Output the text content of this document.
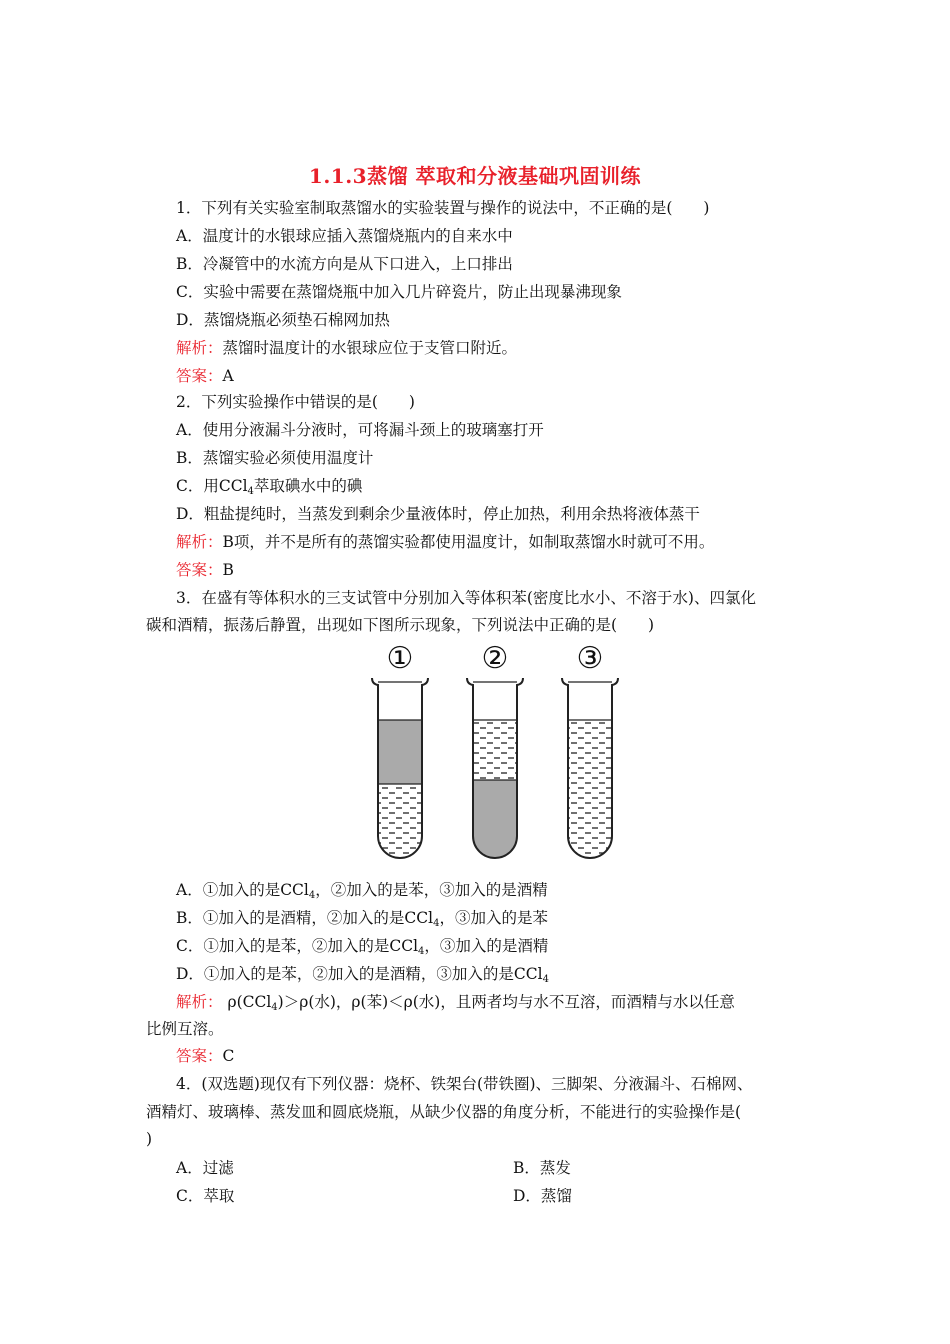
1.1.3蒸馏 萃取和分液基础巩固训练
1．下列有关实验室制取蒸馏水的实验装置与操作的说法中，不正确的是(　　)
A．温度计的水银球应插入蒸馏烧瓶内的自来水中
B．冷凝管中的水流方向是从下口进入，上口排出
C．实验中需要在蒸馏烧瓶中加入几片碎瓷片，防止出现暴沸现象
D．蒸馏烧瓶必须垫石棉网加热
解析：蒸馏时温度计的水银球应位于支管口附近。
答案：A
2．下列实验操作中错误的是(　　)
A．使用分液漏斗分液时，可将漏斗颈上的玻璃塞打开
B．蒸馏实验必须使用温度计
C．用CCl$_4$萃取碘水中的碘
D．粗盐提纯时，当蒸发到剩余少量液体时，停止加热，利用余热将液体蒸干
解析：B项，并不是所有的蒸馏实验都使用温度计，如制取蒸馏水时就可不用。
答案：B
3．在盛有等体积水的三支试管中分别加入等体积苯(密度比水小、不溶于水)、四氯化
碳和酒精，振荡后静置，出现如下图所示现象，下列说法中正确的是(　　)
① ② ③
A．①加入的是CCl$_4$，②加入的是苯，③加入的是酒精
B．①加入的是酒精，②加入的是CCl$_4$，③加入的是苯
C．①加入的是苯，②加入的是CCl$_4$，③加入的是酒精
D．①加入的是苯，②加入的是酒精，③加入的是CCl$_4$
解析： ρ(CCl$_4$)＞ρ(水)，ρ(苯)＜ρ(水)，且两者均与水不互溶，而酒精与水以任意
比例互溶。
答案：C
4．(双选题)现仅有下列仪器：烧杯、铁架台(带铁圈)、三脚架、分液漏斗、石棉网、
酒精灯、玻璃棒、蒸发皿和圆底烧瓶，从缺少仪器的角度分析，不能进行的实验操作是(
)
A．过滤	B．蒸发
C．萃取	D．蒸馏
